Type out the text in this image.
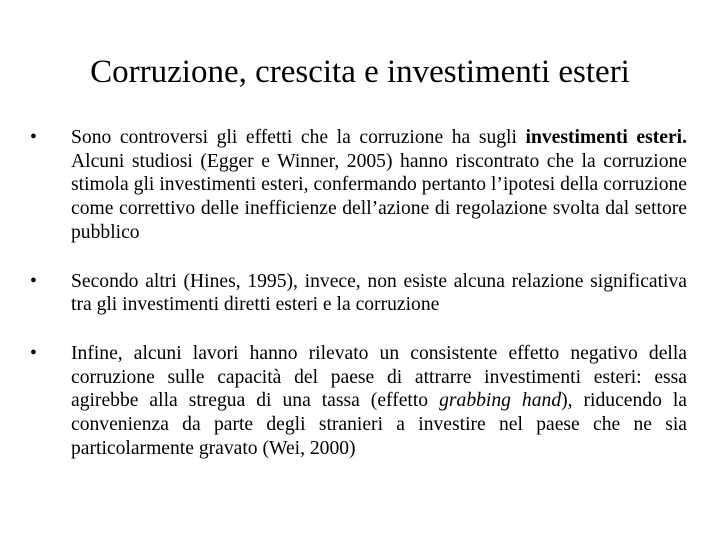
Corruzione, crescita e investimenti esteri
• Sono controversi gli effetti che la corruzione ha sugli investimenti esteri. Alcuni studiosi (Egger e Winner, 2005) hanno riscontrato che la corruzione stimola gli investimenti esteri, confermando pertanto l’ipotesi della corruzione come correttivo delle inefficienze dell’azione di regolazione svolta dal settore pubblico
• Secondo altri (Hines, 1995), invece, non esiste alcuna relazione significativa tra gli investimenti diretti esteri e la corruzione
• Infine, alcuni lavori hanno rilevato un consistente effetto negativo della corruzione sulle capacità del paese di attrarre investimenti esteri: essa agirebbe alla stregua di una tassa (effetto grabbing hand), riducendo la convenienza da parte degli stranieri a investire nel paese che ne sia particolarmente gravato (Wei, 2000)
